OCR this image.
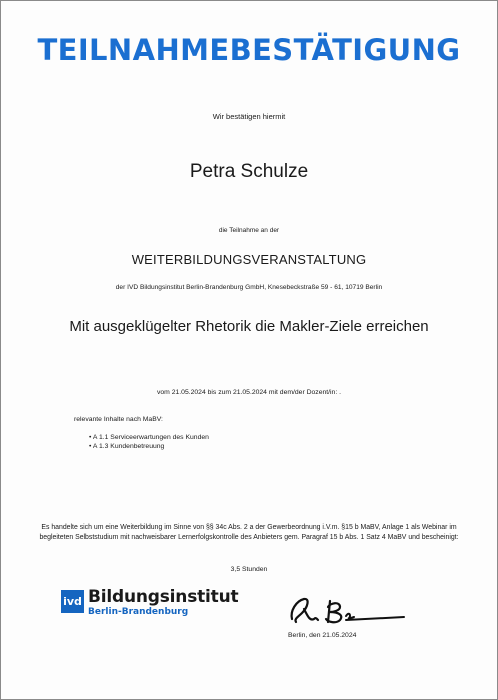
TEILNAHMEBESTÄTIGUNG
Wir bestätigen hiermit
Petra Schulze
die Teilnahme an der
WEITERBILDUNGSVERANSTALTUNG
der IVD Bildungsinstitut Berlin-Brandenburg GmbH, Knesebeckstraße 59 - 61, 10719 Berlin
Mit ausgeklügelter Rhetorik die Makler-Ziele erreichen
vom 21.05.2024 bis zum 21.05.2024 mit dem/der Dozent/in: .
relevante Inhalte nach MaBV:
• A 1.1 Serviceerwartungen des Kunden
• A 1.3 Kundenbetreuung
Es handelte sich um eine Weiterbildung im Sinne von §§ 34c Abs. 2 a der Gewerbeordnung i.V.m. §15 b MaBV, Anlage 1 als Webinar im begleiteten Selbststudium mit nachweisbarer Lernerfolgskontrolle des Anbieters gem. Paragraf 15 b Abs. 1 Satz 4 MaBV und bescheinigt:
3,5 Stunden
ivd Bildungsinstitut
Berlin-Brandenburg
Berlin, den 21.05.2024
